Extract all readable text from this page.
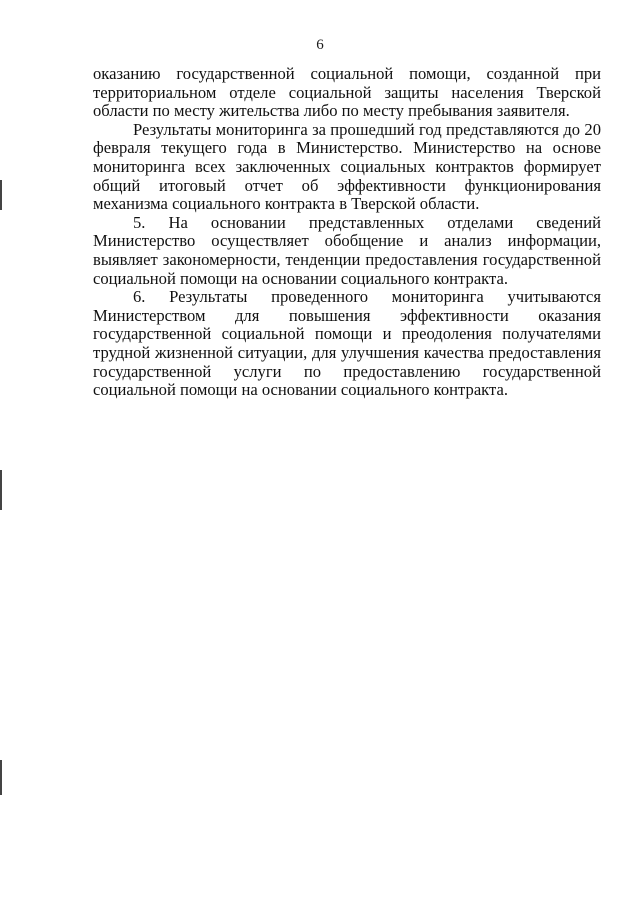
6

оказанию государственной социальной помощи, созданной при территориальном отделе социальной защиты населения Тверской области по месту жительства либо по месту пребывания заявителя.

Результаты мониторинга за прошедший год представляются до 20 февраля текущего года в Министерство. Министерство на основе мониторинга всех заключенных социальных контрактов формирует общий итоговый отчет об эффективности функционирования механизма социального контракта в Тверской области.

5. На основании представленных отделами сведений Министерство осуществляет обобщение и анализ информации, выявляет закономерности, тенденции предоставления государственной социальной помощи на основании социального контракта.

6. Результаты проведенного мониторинга учитываются Министерством для повышения эффективности оказания государственной социальной помощи и преодоления получателями трудной жизненной ситуации, для улучшения качества предоставления государственной услуги по предоставлению государственной социальной помощи на основании социального контракта.
